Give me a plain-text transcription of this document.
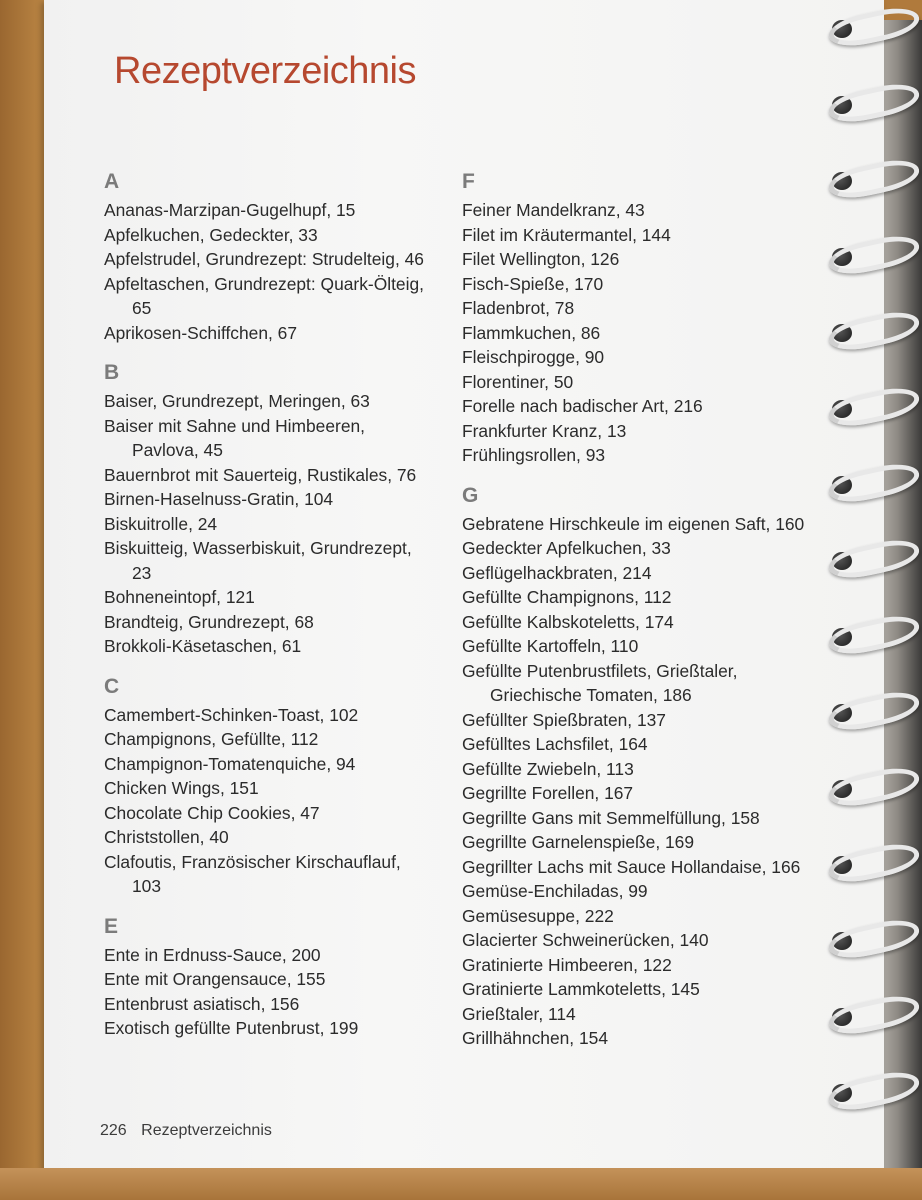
Rezeptverzeichnis
A
Ananas-Marzipan-Gugelhupf, 15
Apfelkuchen, Gedeckter, 33
Apfelstrudel, Grundrezept: Strudelteig, 46
Apfeltaschen, Grundrezept: Quark-Ölteig, 65
Aprikosen-Schiffchen, 67
B
Baiser, Grundrezept, Meringen, 63
Baiser mit Sahne und Himbeeren, Pavlova, 45
Bauernbrot mit Sauerteig, Rustikales, 76
Birnen-Haselnuss-Gratin, 104
Biskuitrolle, 24
Biskuitteig, Wasserbiskuit, Grundrezept, 23
Bohneneintopf, 121
Brandteig, Grundrezept, 68
Brokkoli-Käsetaschen, 61
C
Camembert-Schinken-Toast, 102
Champignons, Gefüllte, 112
Champignon-Tomatenquiche, 94
Chicken Wings, 151
Chocolate Chip Cookies, 47
Christstollen, 40
Clafoutis, Französischer Kirschauflauf, 103
E
Ente in Erdnuss-Sauce, 200
Ente mit Orangensauce, 155
Entenbrust asiatisch, 156
Exotisch gefüllte Putenbrust, 199
F
Feiner Mandelkranz, 43
Filet im Kräutermantel, 144
Filet Wellington, 126
Fisch-Spieße, 170
Fladenbrot, 78
Flammkuchen, 86
Fleischpirogge, 90
Florentiner, 50
Forelle nach badischer Art, 216
Frankfurter Kranz, 13
Frühlingsrollen, 93
G
Gebratene Hirschkeule im eigenen Saft, 160
Gedeckter Apfelkuchen, 33
Geflügelhackbraten, 214
Gefüllte Champignons, 112
Gefüllte Kalbskoteletts, 174
Gefüllte Kartoffeln, 110
Gefüllte Putenbrustfilets, Grießtaler, Griechische Tomaten, 186
Gefüllter Spießbraten, 137
Gefülltes Lachsfilet, 164
Gefüllte Zwiebeln, 113
Gegrillte Forellen, 167
Gegrillte Gans mit Semmelfüllung, 158
Gegrillte Garnelenspieße, 169
Gegrillter Lachs mit Sauce Hollandaise, 166
Gemüse-Enchiladas, 99
Gemüsesuppe, 222
Glacierter Schweinerücken, 140
Gratinierte Himbeeren, 122
Gratinierte Lammkoteletts, 145
Grießtaler, 114
Grillhähnchen, 154
226 Rezeptverzeichnis
